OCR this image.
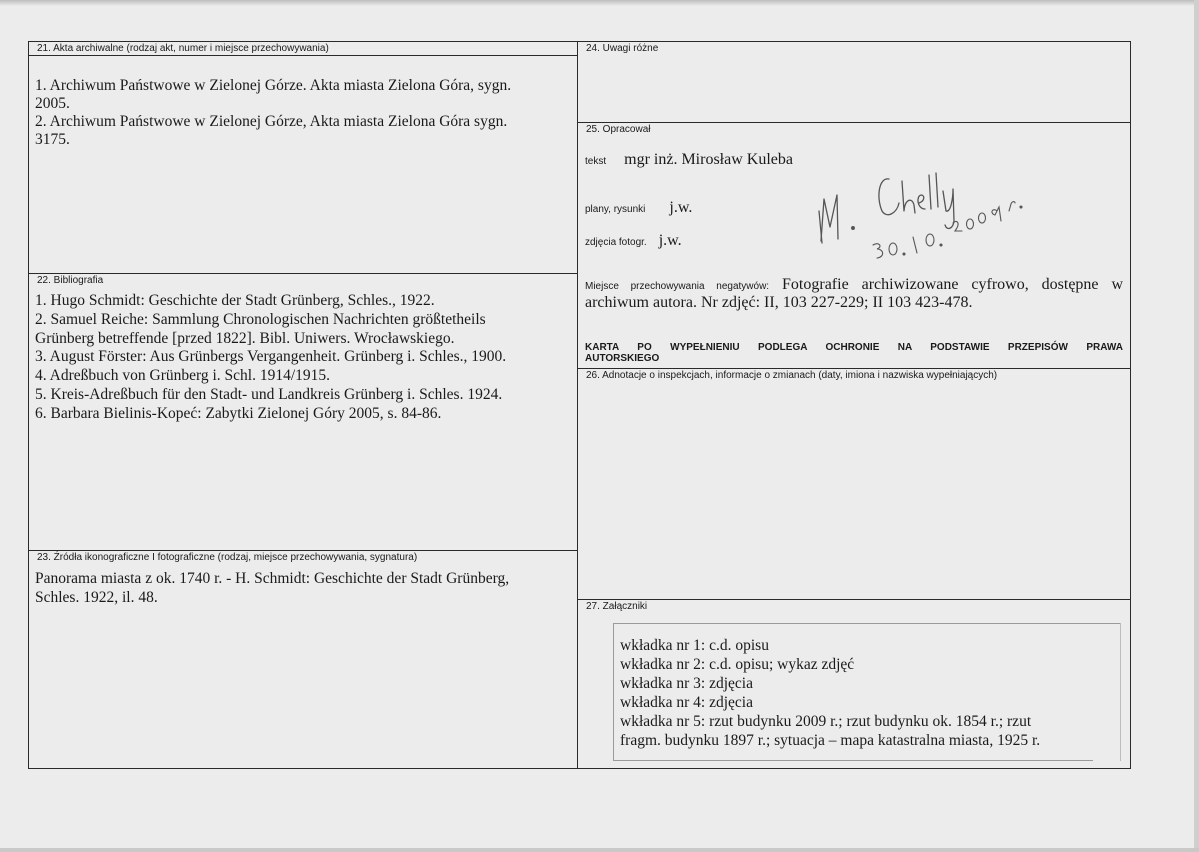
21. Akta archiwalne (rodzaj akt, numer i miejsce przechowywania)
1. Archiwum Państwowe w Zielonej Górze. Akta miasta Zielona Góra, sygn.
2005.
2. Archiwum Państwowe w Zielonej Górze, Akta miasta Zielona Góra sygn.
3175.
22. Bibliografia
1. Hugo Schmidt: Geschichte der Stadt Grünberg, Schles., 1922.
2. Samuel Reiche: Sammlung Chronologischen Nachrichten größtetheils
Grünberg betreffende [przed 1822]. Bibl. Uniwers. Wrocławskiego.
3. August Förster: Aus Grünbergs Vergangenheit. Grünberg i. Schles., 1900.
4. Adreßbuch von Grünberg i. Schl. 1914/1915.
5. Kreis-Adreßbuch für den Stadt- und Landkreis Grünberg i. Schles. 1924.
6. Barbara Bielinis-Kopeć: Zabytki Zielonej Góry 2005, s. 84-86.
23. Źródła ikonograficzne I fotograficzne (rodzaj, miejsce przechowywania, sygnatura)
Panorama miasta z ok. 1740 r. - H. Schmidt: Geschichte der Stadt Grünberg,
Schles. 1922, il. 48.
24. Uwagi różne
25. Opracował
tekst mgr inż. Mirosław Kuleba
plany, rysunki j.w.
zdjęcia fotogr. j.w.
Miejsce przechowywania negatywów: Fotografie archiwizowane cyfrowo, dostępne w
archiwum autora. Nr zdjęć: II, 103 227-229; II 103 423-478.
KARTA PO WYPEŁNIENIU PODLEGA OCHRONIE NA PODSTAWIE PRZEPISÓW PRAWA
AUTORSKIEGO
26. Adnotacje o inspekcjach, informacje o zmianach (daty, imiona i nazwiska wypełniających)
27. Załączniki
wkładka nr 1: c.d. opisu
wkładka nr 2: c.d. opisu; wykaz zdjęć
wkładka nr 3: zdjęcia
wkładka nr 4: zdjęcia
wkładka nr 5: rzut budynku 2009 r.; rzut budynku ok. 1854 r.; rzut
fragm. budynku 1897 r.; sytuacja – mapa katastralna miasta, 1925 r.
